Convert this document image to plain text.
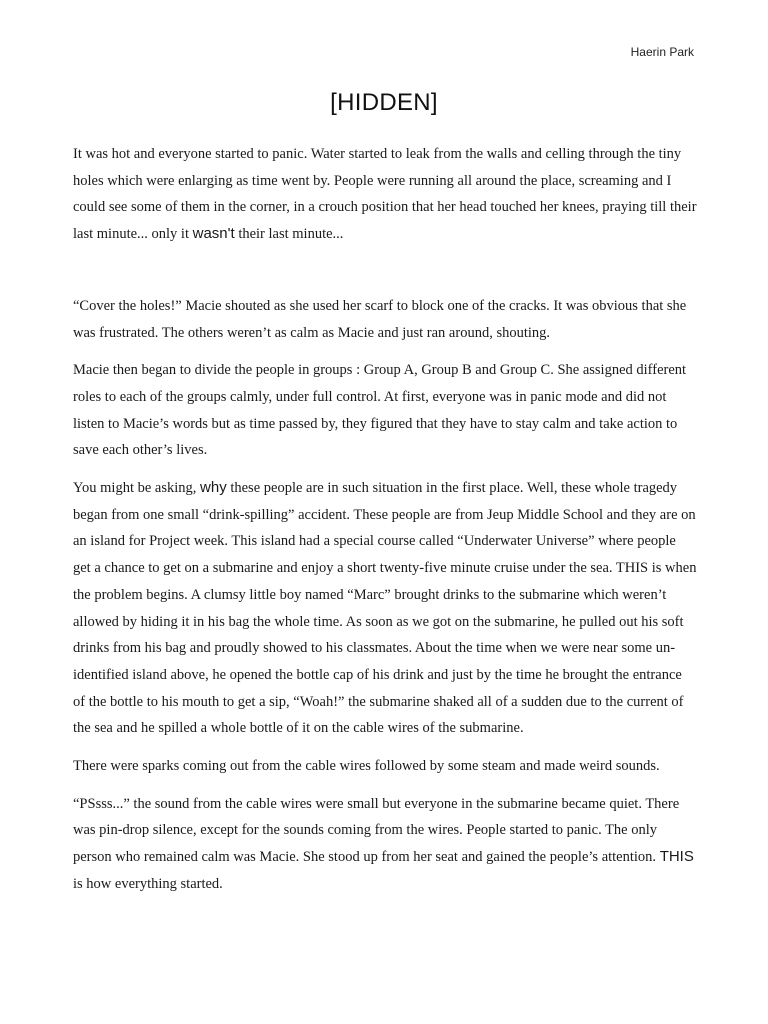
Haerin Park
[HIDDEN]

It was hot and everyone started to panic. Water started to leak from the walls and celling through the tiny holes which were enlarging as time went by. People were running all around the place, screaming and I could see some of them in the corner, in a crouch position that her head touched her knees, praying till their last minute... only it wasn't their last minute...

“Cover the holes!” Macie shouted as she used her scarf to block one of the cracks. It was obvious that she was frustrated. The others weren’t as calm as Macie and just ran around, shouting.

Macie then began to divide the people in groups : Group A, Group B and Group C. She assigned different roles to each of the groups calmly, under full control. At first, everyone was in panic mode and did not listen to Macie’s words but as time passed by, they figured that they have to stay calm and take action to save each other’s lives.

You might be asking, why these people are in such situation in the first place. Well, these whole tragedy began from one small “drink-spilling” accident. These people are from Jeup Middle School and they are on an island for Project week. This island had a special course called “Underwater Universe” where people get a chance to get on a submarine and enjoy a short twenty-five minute cruise under the sea. THIS is when the problem begins. A clumsy little boy named “Marc” brought drinks to the submarine which weren’t allowed by hiding it in his bag the whole time. As soon as we got on the submarine, he pulled out his soft drinks from his bag and proudly showed to his classmates. About the time when we were near some un-identified island above, he opened the bottle cap of his drink and just by the time he brought the entrance of the bottle to his mouth to get a sip, “Woah!” the submarine shaked all of a sudden due to the current of the sea and he spilled a whole bottle of it on the cable wires of the submarine.

There were sparks coming out from the cable wires followed by some steam and made weird sounds.

“PSsss...” the sound from the cable wires were small but everyone in the submarine became quiet. There was pin-drop silence, except for the sounds coming from the wires. People started to panic. The only person who remained calm was Macie. She stood up from her seat and gained the people’s attention. THIS is how everything started.
